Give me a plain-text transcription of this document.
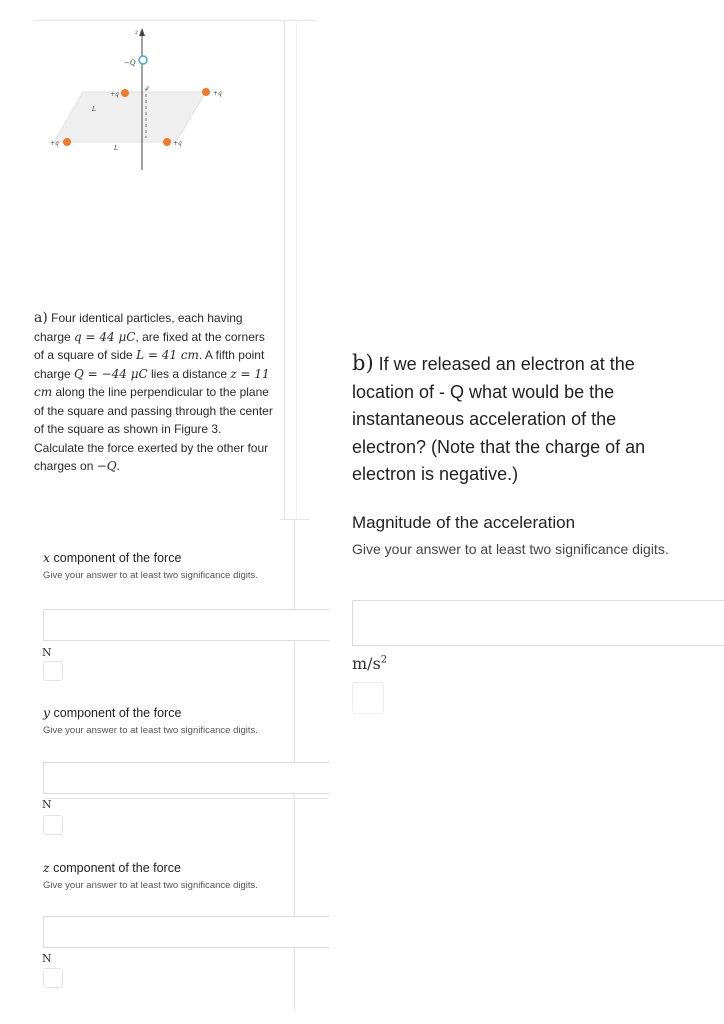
z
−Q
z
+q	+q
+q	+q
L
L
a) Four identical particles, each having charge q = 44 μC, are fixed at the corners of a square of side L = 41 cm. A fifth point charge Q = −44 μC lies a distance z = 11 cm along the line perpendicular to the plane of the square and passing through the center of the square as shown in Figure 3. Calculate the force exerted by the other four charges on −Q.
x component of the force
Give your answer to at least two significance digits.
N
y component of the force
Give your answer to at least two significance digits.
N
z component of the force
Give your answer to at least two significance digits.
N
b) If we released an electron at the location of - Q what would be the instantaneous acceleration of the electron? (Note that the charge of an electron is negative.)
Magnitude of the acceleration
Give your answer to at least two significance digits.
$m/s^2$
